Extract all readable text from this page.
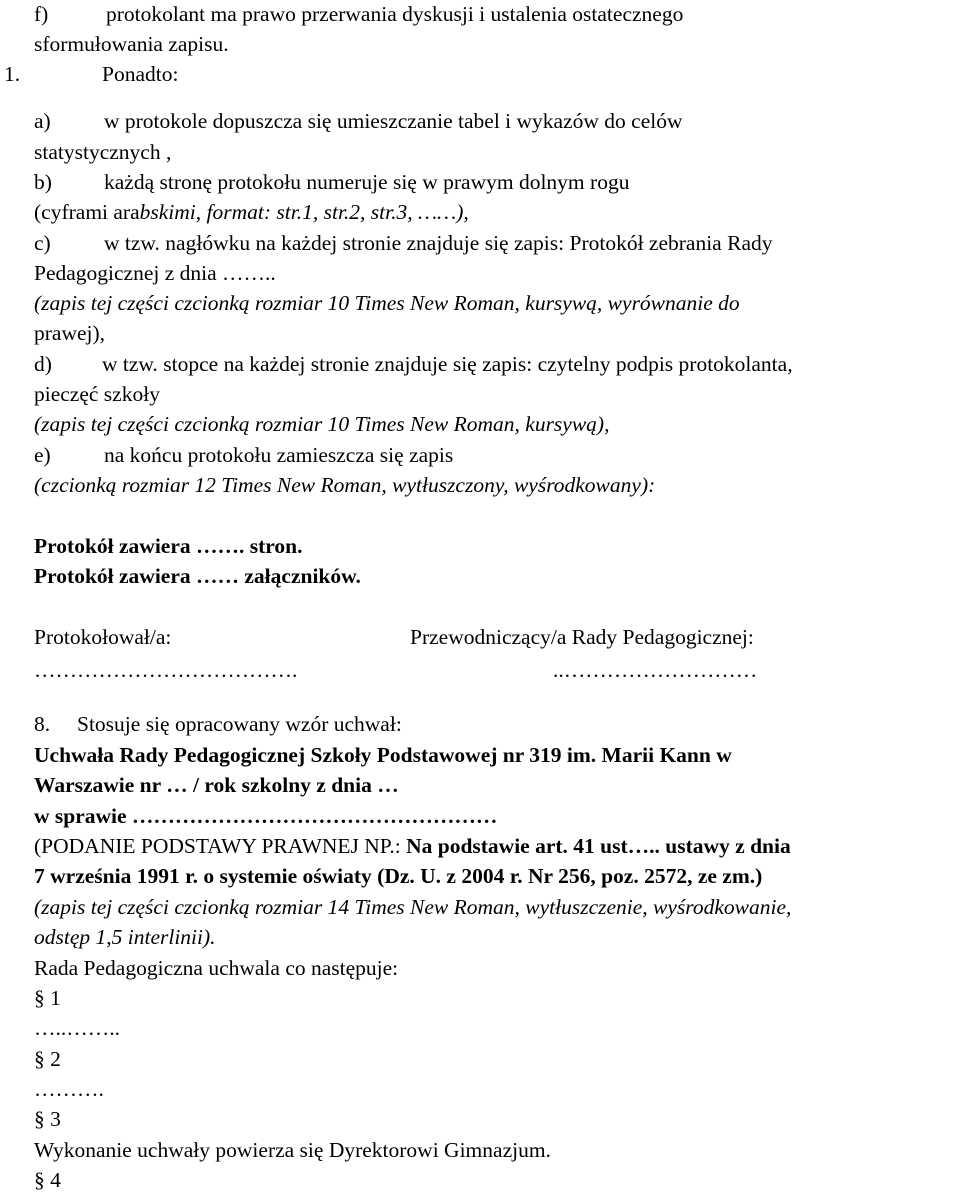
f)	protokolant ma prawo przerwania dyskusji i ustalenia ostatecznego
sformułowania zapisu.
1.	Ponadto:
a) w protokole dopuszcza się umieszczanie tabel i wykazów do celów
statystycznych ,
b) każdą stronę protokołu numeruje się w prawym dolnym rogu
(cyframi arabskimi, format: str.1, str.2, str.3, ……),
c) w tzw. nagłówku na każdej stronie znajduje się zapis: Protokół zebrania Rady
Pedagogicznej z dnia ……..
(zapis tej części czcionką rozmiar 10 Times New Roman, kursywą, wyrównanie do
prawej),
d) w tzw. stopce na każdej stronie znajduje się zapis: czytelny podpis protokolanta,
pieczęć szkoły
(zapis tej części czcionką rozmiar 10 Times New Roman, kursywą),
e) na końcu protokołu zamieszcza się zapis
(czcionką rozmiar 12 Times New Roman, wytłuszczony, wyśrodkowany):
Protokół zawiera ……. stron.
Protokół zawiera …… załączników.
Protokołował/a:	Przewodniczący/a Rady Pedagogicznej:
……………………………….	..………………………
8. Stosuje się opracowany wzór uchwał:
Uchwała Rady Pedagogicznej Szkoły Podstawowej nr 319 im. Marii Kann w
Warszawie nr … / rok szkolny z dnia …
w sprawie ……………………………………………
(PODANIE PODSTAWY PRAWNEJ NP.: Na podstawie art. 41 ust….. ustawy z dnia
7 września 1991 r. o systemie oświaty (Dz. U. z 2004 r. Nr 256, poz. 2572, ze zm.)
(zapis tej części czcionką rozmiar 14 Times New Roman, wytłuszczenie, wyśrodkowanie,
odstęp 1,5 interlinii).
Rada Pedagogiczna uchwala co następuje:
§ 1
…..……..
§ 2
……….
§ 3
Wykonanie uchwały powierza się Dyrektorowi Gimnazjum.
§ 4
